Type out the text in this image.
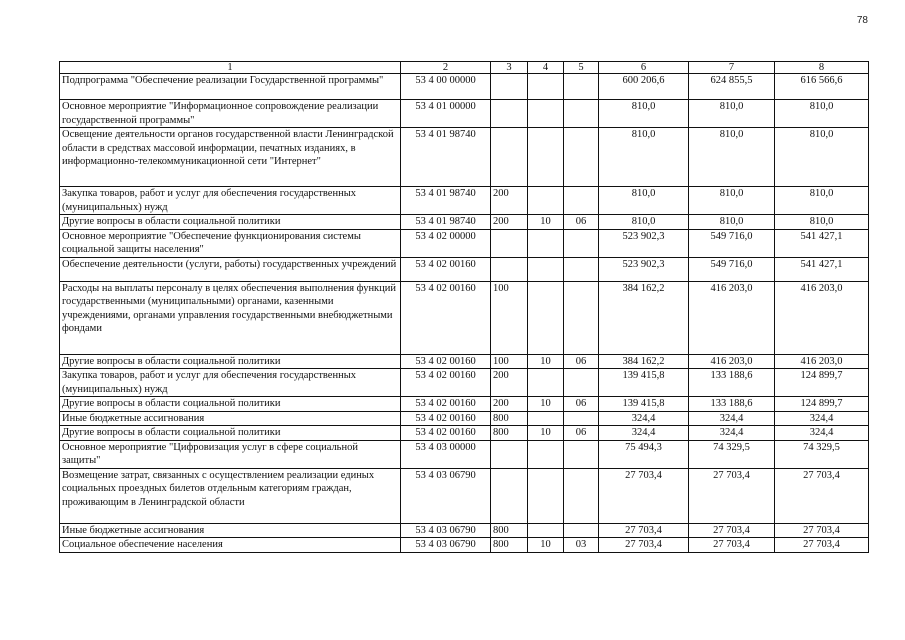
78
1	2	3	4	5	6	7	8
Подпрограмма "Обеспечение реализации Государственной программы"	53 4 00 00000				600 206,6	624 855,5	616 566,6
Основное мероприятие "Информационное сопровождение реализации государственной программы"	53 4 01 00000				810,0	810,0	810,0
Освещение деятельности органов государственной власти Ленинградской области в средствах массовой информации, печатных изданиях, в информационно-телекоммуникационной сети "Интернет"	53 4 01 98740				810,0	810,0	810,0
Закупка товаров, работ и услуг для обеспечения государственных (муниципальных) нужд	53 4 01 98740	200			810,0	810,0	810,0
Другие вопросы в области социальной политики	53 4 01 98740	200	10	06	810,0	810,0	810,0
Основное мероприятие "Обеспечение функционирования системы социальной защиты населения"	53 4 02 00000				523 902,3	549 716,0	541 427,1
Обеспечение деятельности (услуги, работы) государственных учреждений	53 4 02 00160				523 902,3	549 716,0	541 427,1
Расходы на выплаты персоналу в целях обеспечения выполнения функций государственными (муниципальными) органами, казенными учреждениями, органами управления государственными внебюджетными фондами	53 4 02 00160	100			384 162,2	416 203,0	416 203,0
Другие вопросы в области социальной политики	53 4 02 00160	100	10	06	384 162,2	416 203,0	416 203,0
Закупка товаров, работ и услуг для обеспечения государственных (муниципальных) нужд	53 4 02 00160	200			139 415,8	133 188,6	124 899,7
Другие вопросы в области социальной политики	53 4 02 00160	200	10	06	139 415,8	133 188,6	124 899,7
Иные бюджетные ассигнования	53 4 02 00160	800			324,4	324,4	324,4
Другие вопросы в области социальной политики	53 4 02 00160	800	10	06	324,4	324,4	324,4
Основное мероприятие "Цифровизация услуг в сфере социальной защиты"	53 4 03 00000				75 494,3	74 329,5	74 329,5
Возмещение затрат, связанных с осуществлением реализации единых социальных проездных билетов отдельным категориям граждан, проживающим в Ленинградской области	53 4 03 06790				27 703,4	27 703,4	27 703,4
Иные бюджетные ассигнования	53 4 03 06790	800			27 703,4	27 703,4	27 703,4
Социальное обеспечение населения	53 4 03 06790	800	10	03	27 703,4	27 703,4	27 703,4
